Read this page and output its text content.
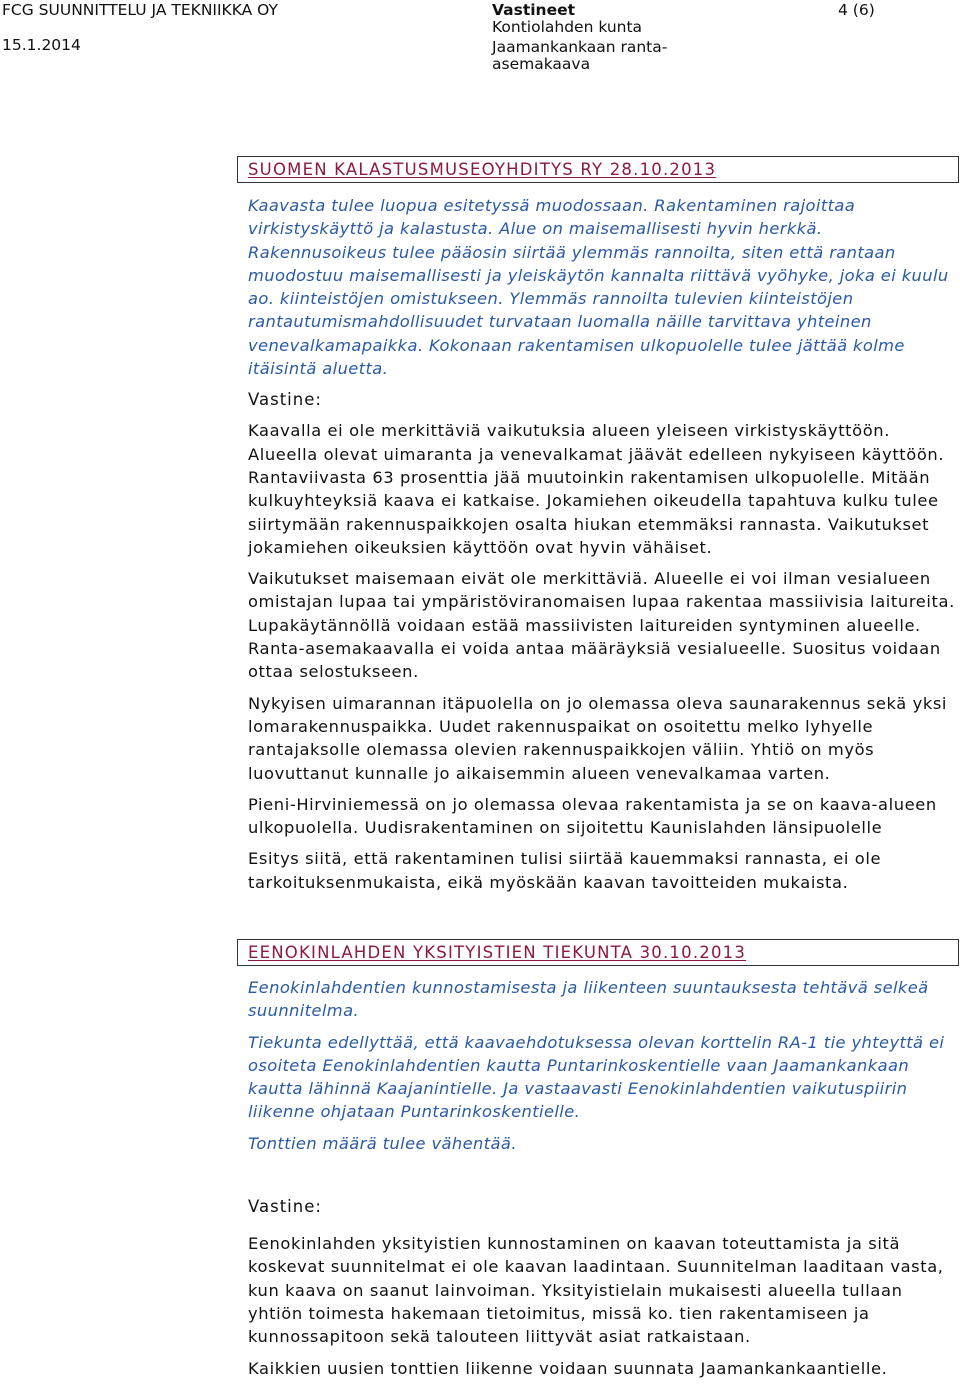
FCG SUUNNITTELU JA TEKNIIKKA OY
15.1.2014
Vastineet
Kontiolahden kunta
Jaamankankaan ranta-
asemakaava
4 (6)
SUOMEN KALASTUSMUSEOYHDITYS RY 28.10.2013

Kaavasta tulee luopua esitetyssä muodossaan. Rakentaminen rajoittaa virkistyskäyttö ja kalastusta. Alue on maisemallisesti hyvin herkkä. Rakennusoikeus tulee pääosin siirtää ylemmäs rannoilta, siten että rantaan muodostuu maisemallisesti ja yleiskäytön kannalta riittävä vyöhyke, joka ei kuulu ao. kiinteistöjen omistukseen. Ylemmäs rannoilta tulevien kiinteistöjen rantautumismahdollisuudet turvataan luomalla näille tarvittava yhteinen venevalkamapaikka. Kokonaan rakentamisen ulkopuolelle tulee jättää kolme itäisintä aluetta.

Vastine:

Kaavalla ei ole merkittäviä vaikutuksia alueen yleiseen virkistyskäyttöön. Alueella olevat uimaranta ja venevalkamat jäävät edelleen nykyiseen käyttöön. Rantaviivasta 63 prosenttia jää muutoinkin rakentamisen ulkopuolelle. Mitään kulkuyhteyksiä kaava ei katkaise. Jokamiehen oikeudella tapahtuva kulku tulee siirtymään rakennuspaikkojen osalta hiukan etemmäksi rannasta. Vaikutukset jokamiehen oikeuksien käyttöön ovat hyvin vähäiset.

Vaikutukset maisemaan eivät ole merkittäviä. Alueelle ei voi ilman vesialueen omistajan lupaa tai ympäristöviranomaisen lupaa rakentaa massiivisia laitureita. Lupakäytännöllä voidaan estää massiivisten laitureiden syntyminen alueelle. Ranta-asemakaavalla ei voida antaa määräyksiä vesialueelle. Suositus voidaan ottaa selostukseen.

Nykyisen uimarannan itäpuolella on jo olemassa oleva saunarakennus sekä yksi lomarakennuspaikka. Uudet rakennuspaikat on osoitettu melko lyhyelle rantajaksolle olemassa olevien rakennuspaikkojen väliin. Yhtiö on myös luovuttanut kunnalle jo aikaisemmin alueen venevalkamaa varten.

Pieni-Hirviniemessä on jo olemassa olevaa rakentamista ja se on kaava-alueen ulkopuolella. Uudisrakentaminen on sijoitettu Kaunislahden länsipuolelle

Esitys siitä, että rakentaminen tulisi siirtää kauemmaksi rannasta, ei ole tarkoituksenmukaista, eikä myöskään kaavan tavoitteiden mukaista.

EENOKINLAHDEN YKSITYISTIEN TIEKUNTA 30.10.2013

Eenokinlahdentien kunnostamisesta ja liikenteen suuntauksesta tehtävä selkeä suunnitelma.

Tiekunta edellyttää, että kaavaehdotuksessa olevan korttelin RA-1 tie yhteyttä ei osoiteta Eenokinlahdentien kautta Puntarinkoskentielle vaan Jaamankankaan kautta lähinnä Kaajanintielle. Ja vastaavasti Eenokinlahdentien vaikutuspiirin liikenne ohjataan Puntarinkoskentielle.

Tonttien määrä tulee vähentää.

Vastine:

Eenokinlahden yksityistien kunnostaminen on kaavan toteuttamista ja sitä koskevat suunnitelmat ei ole kaavan laadintaan. Suunnitelman laaditaan vasta, kun kaava on saanut lainvoiman. Yksityistielain mukaisesti alueella tullaan yhtiön toimesta hakemaan tietoimitus, missä ko. tien rakentamiseen ja kunnossapitoon sekä talouteen liittyvät asiat ratkaistaan.

Kaikkien uusien tonttien liikenne voidaan suunnata Jaamankankaantielle.
